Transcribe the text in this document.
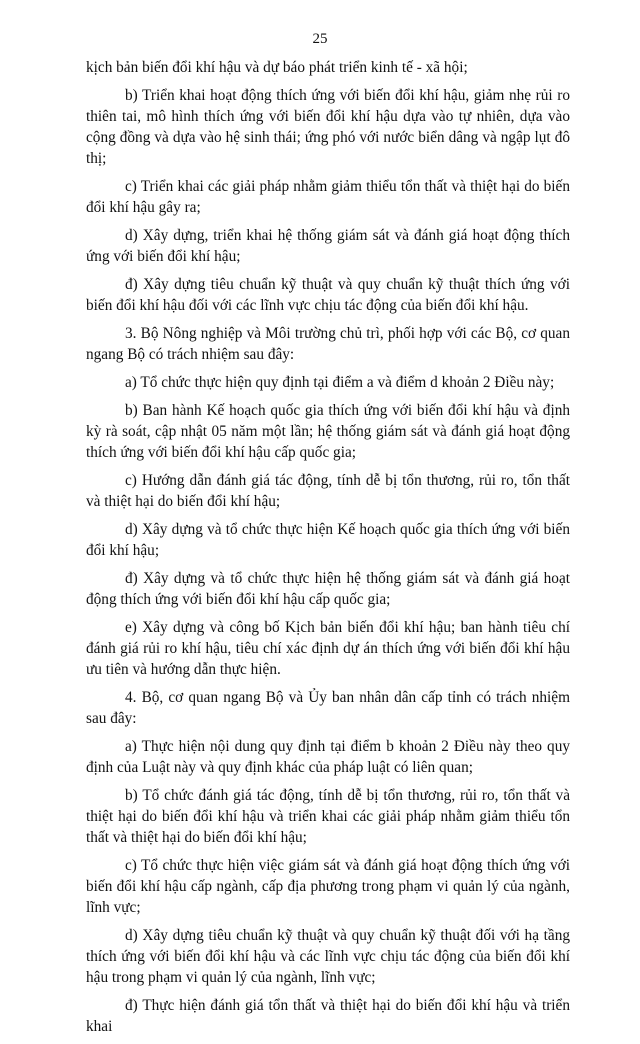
25

kịch bản biến đổi khí hậu và dự báo phát triển kinh tế - xã hội;

b) Triển khai hoạt động thích ứng với biến đổi khí hậu, giảm nhẹ rủi ro thiên tai, mô hình thích ứng với biến đổi khí hậu dựa vào tự nhiên, dựa vào cộng đồng và dựa vào hệ sinh thái; ứng phó với nước biển dâng và ngập lụt đô thị;

c) Triển khai các giải pháp nhằm giảm thiểu tổn thất và thiệt hại do biến đổi khí hậu gây ra;

d) Xây dựng, triển khai hệ thống giám sát và đánh giá hoạt động thích ứng với biến đổi khí hậu;

đ) Xây dựng tiêu chuẩn kỹ thuật và quy chuẩn kỹ thuật thích ứng với biến đổi khí hậu đối với các lĩnh vực chịu tác động của biến đổi khí hậu.

3. Bộ Nông nghiệp và Môi trường chủ trì, phối hợp với các Bộ, cơ quan ngang Bộ có trách nhiệm sau đây:

a) Tổ chức thực hiện quy định tại điểm a và điểm d khoản 2 Điều này;

b) Ban hành Kế hoạch quốc gia thích ứng với biến đổi khí hậu và định kỳ rà soát, cập nhật 05 năm một lần; hệ thống giám sát và đánh giá hoạt động thích ứng với biến đổi khí hậu cấp quốc gia;

c) Hướng dẫn đánh giá tác động, tính dễ bị tổn thương, rủi ro, tổn thất và thiệt hại do biến đổi khí hậu;

d) Xây dựng và tổ chức thực hiện Kế hoạch quốc gia thích ứng với biến đổi khí hậu;

đ) Xây dựng và tổ chức thực hiện hệ thống giám sát và đánh giá hoạt động thích ứng với biến đổi khí hậu cấp quốc gia;

e) Xây dựng và công bố Kịch bản biến đổi khí hậu; ban hành tiêu chí đánh giá rủi ro khí hậu, tiêu chí xác định dự án thích ứng với biến đổi khí hậu ưu tiên và hướng dẫn thực hiện.

4. Bộ, cơ quan ngang Bộ và Ủy ban nhân dân cấp tỉnh có trách nhiệm sau đây:

a) Thực hiện nội dung quy định tại điểm b khoản 2 Điều này theo quy định của Luật này và quy định khác của pháp luật có liên quan;

b) Tổ chức đánh giá tác động, tính dễ bị tổn thương, rủi ro, tổn thất và thiệt hại do biến đổi khí hậu và triển khai các giải pháp nhằm giảm thiểu tổn thất và thiệt hại do biến đổi khí hậu;

c) Tổ chức thực hiện việc giám sát và đánh giá hoạt động thích ứng với biến đổi khí hậu cấp ngành, cấp địa phương trong phạm vi quản lý của ngành, lĩnh vực;

d) Xây dựng tiêu chuẩn kỹ thuật và quy chuẩn kỹ thuật đối với hạ tầng thích ứng với biến đổi khí hậu và các lĩnh vực chịu tác động của biến đổi khí hậu trong phạm vi quản lý của ngành, lĩnh vực;

đ) Thực hiện đánh giá tổn thất và thiệt hại do biến đổi khí hậu và triển khai
